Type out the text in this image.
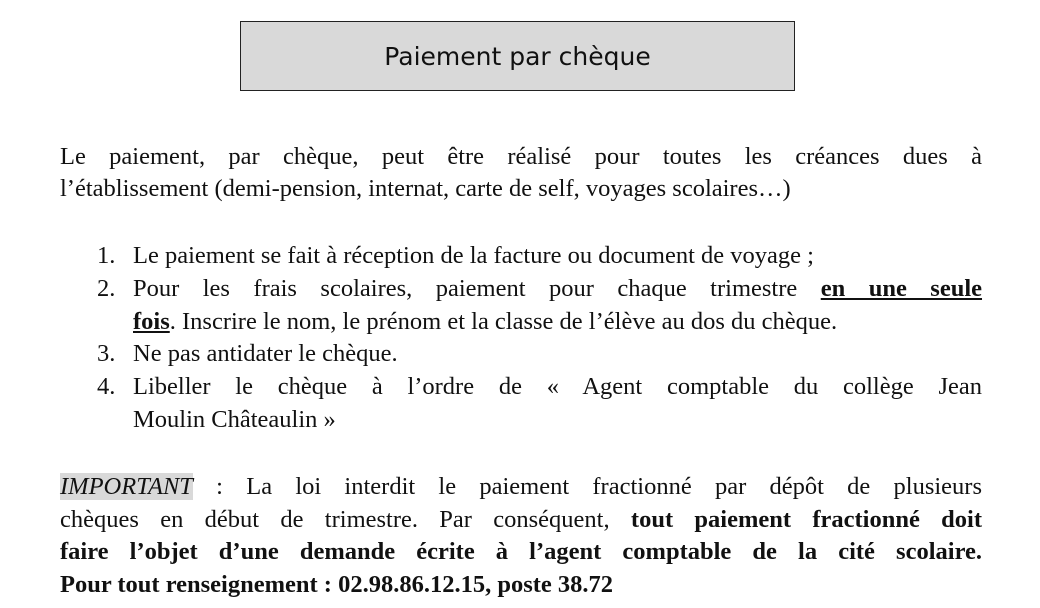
Paiement par chèque
Le paiement, par chèque, peut être réalisé pour toutes les créances dues à
l’établissement (demi-pension, internat, carte de self, voyages scolaires…)
1. Le paiement se fait à réception de la facture ou document de voyage ;
2. Pour les frais scolaires, paiement pour chaque trimestre en une seule
fois. Inscrire le nom, le prénom et la classe de l’élève au dos du chèque.
3. Ne pas antidater le chèque.
4. Libeller le chèque à l’ordre de « Agent comptable du collège Jean
Moulin Châteaulin »
IMPORTANT : La loi interdit le paiement fractionné par dépôt de plusieurs
chèques en début de trimestre. Par conséquent, tout paiement fractionné doit
faire l’objet d’une demande écrite à l’agent comptable de la cité scolaire.
Pour tout renseignement : 02.98.86.12.15, poste 38.72
